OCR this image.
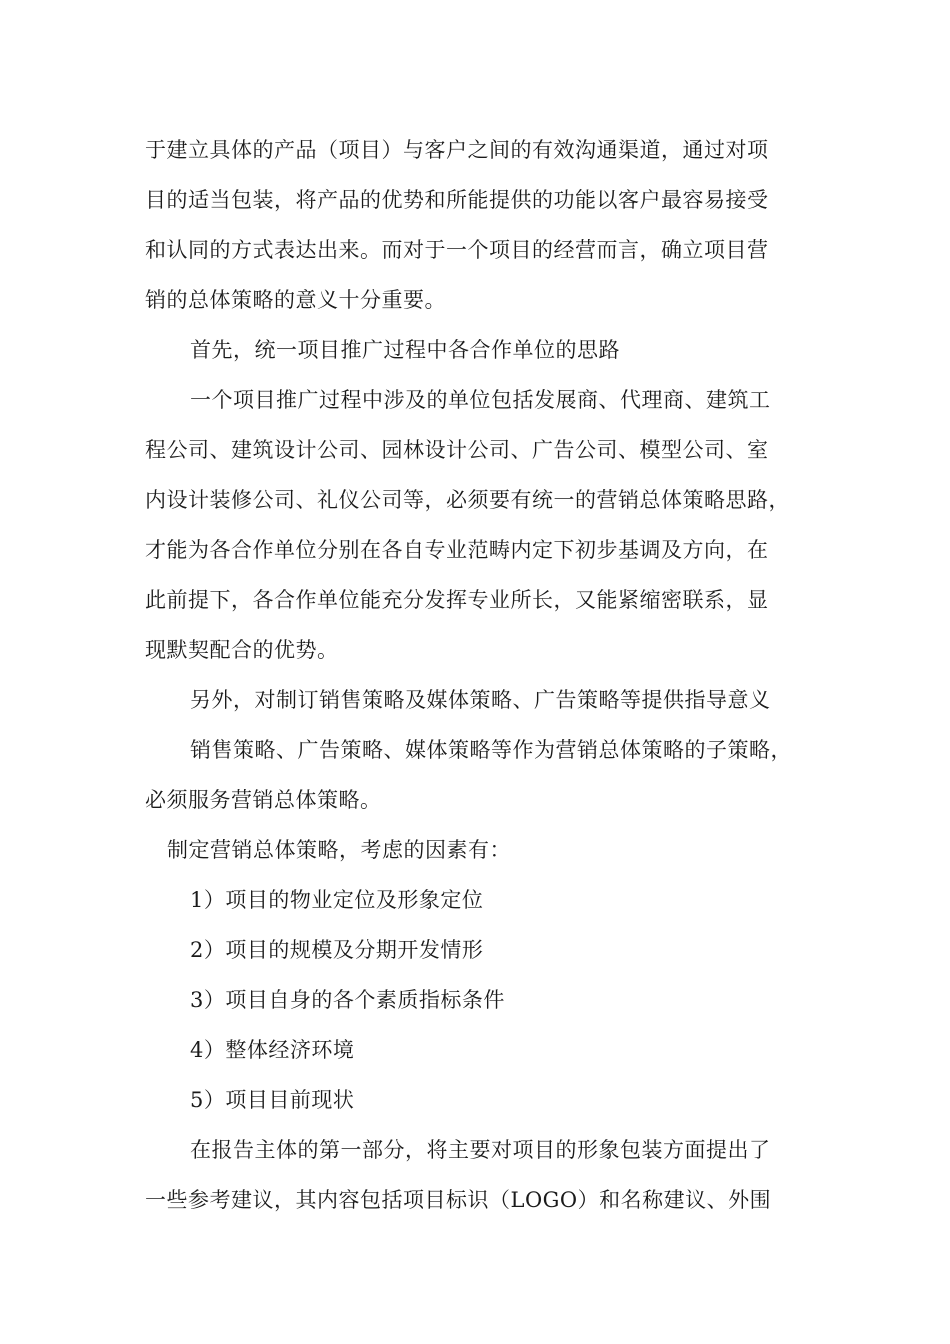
于建立具体的产品（项目）与客户之间的有效沟通渠道，通过对项
目的适当包装，将产品的优势和所能提供的功能以客户最容易接受
和认同的方式表达出来。而对于一个项目的经营而言，确立项目营
销的总体策略的意义十分重要。
首先，统一项目推广过程中各合作单位的思路
一个项目推广过程中涉及的单位包括发展商、代理商、建筑工
程公司、建筑设计公司、园林设计公司、广告公司、模型公司、室
内设计装修公司、礼仪公司等，必须要有统一的营销总体策略思路，
才能为各合作单位分别在各自专业范畴内定下初步基调及方向，在
此前提下，各合作单位能充分发挥专业所长，又能紧缩密联系，显
现默契配合的优势。
另外，对制订销售策略及媒体策略、广告策略等提供指导意义
销售策略、广告策略、媒体策略等作为营销总体策略的子策略，
必须服务营销总体策略。
制定营销总体策略，考虑的因素有：
1）项目的物业定位及形象定位
2）项目的规模及分期开发情形
3）项目自身的各个素质指标条件
4）整体经济环境
5）项目目前现状
在报告主体的第一部分，将主要对项目的形象包装方面提出了
一些参考建议，其内容包括项目标识（LOGO）和名称建议、外围
